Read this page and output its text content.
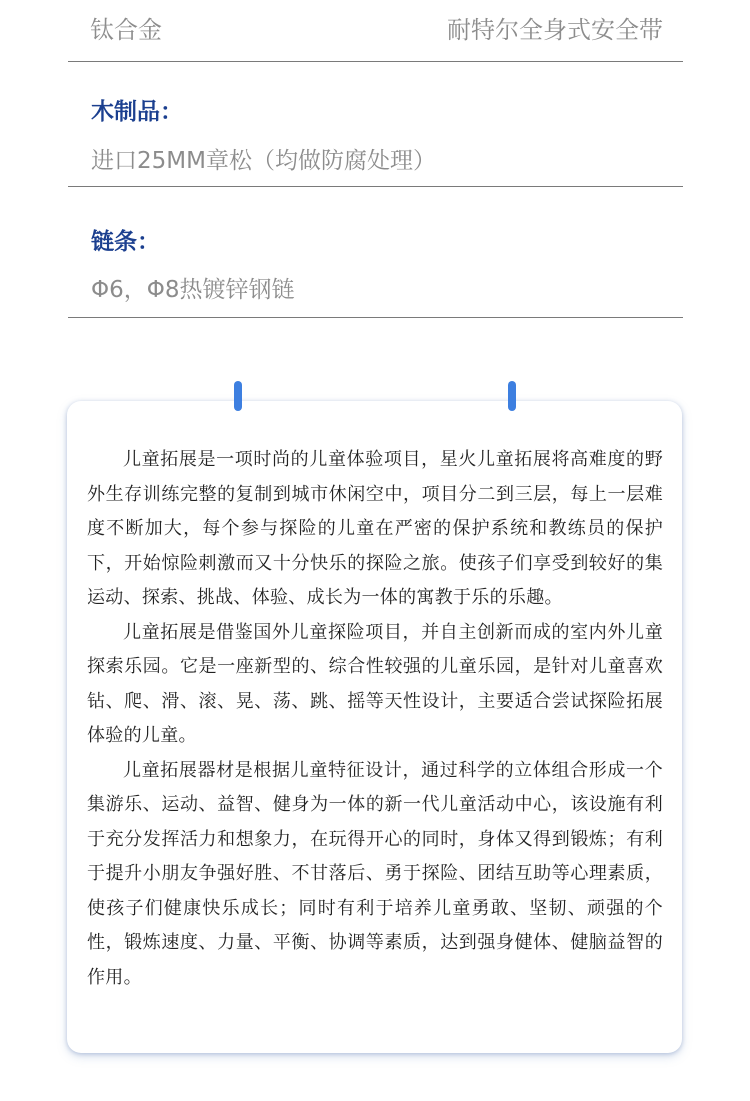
钛合金	耐特尔全身式安全带
木制品：
进口25MM章松（均做防腐处理）
链条：
Φ6，Φ8热镀锌钢链

儿童拓展是一项时尚的儿童体验项目，星火儿童拓展将高难度的野外生存训练完整的复制到城市休闲空中，项目分二到三层，每上一层难度不断加大，每个参与探险的儿童在严密的保护系统和教练员的保护下，开始惊险刺激而又十分快乐的探险之旅。使孩子们享受到较好的集运动、探索、挑战、体验、成长为一体的寓教于乐的乐趣。

儿童拓展是借鉴国外儿童探险项目，并自主创新而成的室内外儿童探索乐园。它是一座新型的、综合性较强的儿童乐园，是针对儿童喜欢钻、爬、滑、滚、晃、荡、跳、摇等天性设计，主要适合尝试探险拓展体验的儿童。

儿童拓展器材是根据儿童特征设计，通过科学的立体组合形成一个集游乐、运动、益智、健身为一体的新一代儿童活动中心，该设施有利于充分发挥活力和想象力，在玩得开心的同时，身体又得到锻炼；有利于提升小朋友争强好胜、不甘落后、勇于探险、团结互助等心理素质，使孩子们健康快乐成长；同时有利于培养儿童勇敢、坚韧、顽强的个性，锻炼速度、力量、平衡、协调等素质，达到强身健体、健脑益智的作用。
